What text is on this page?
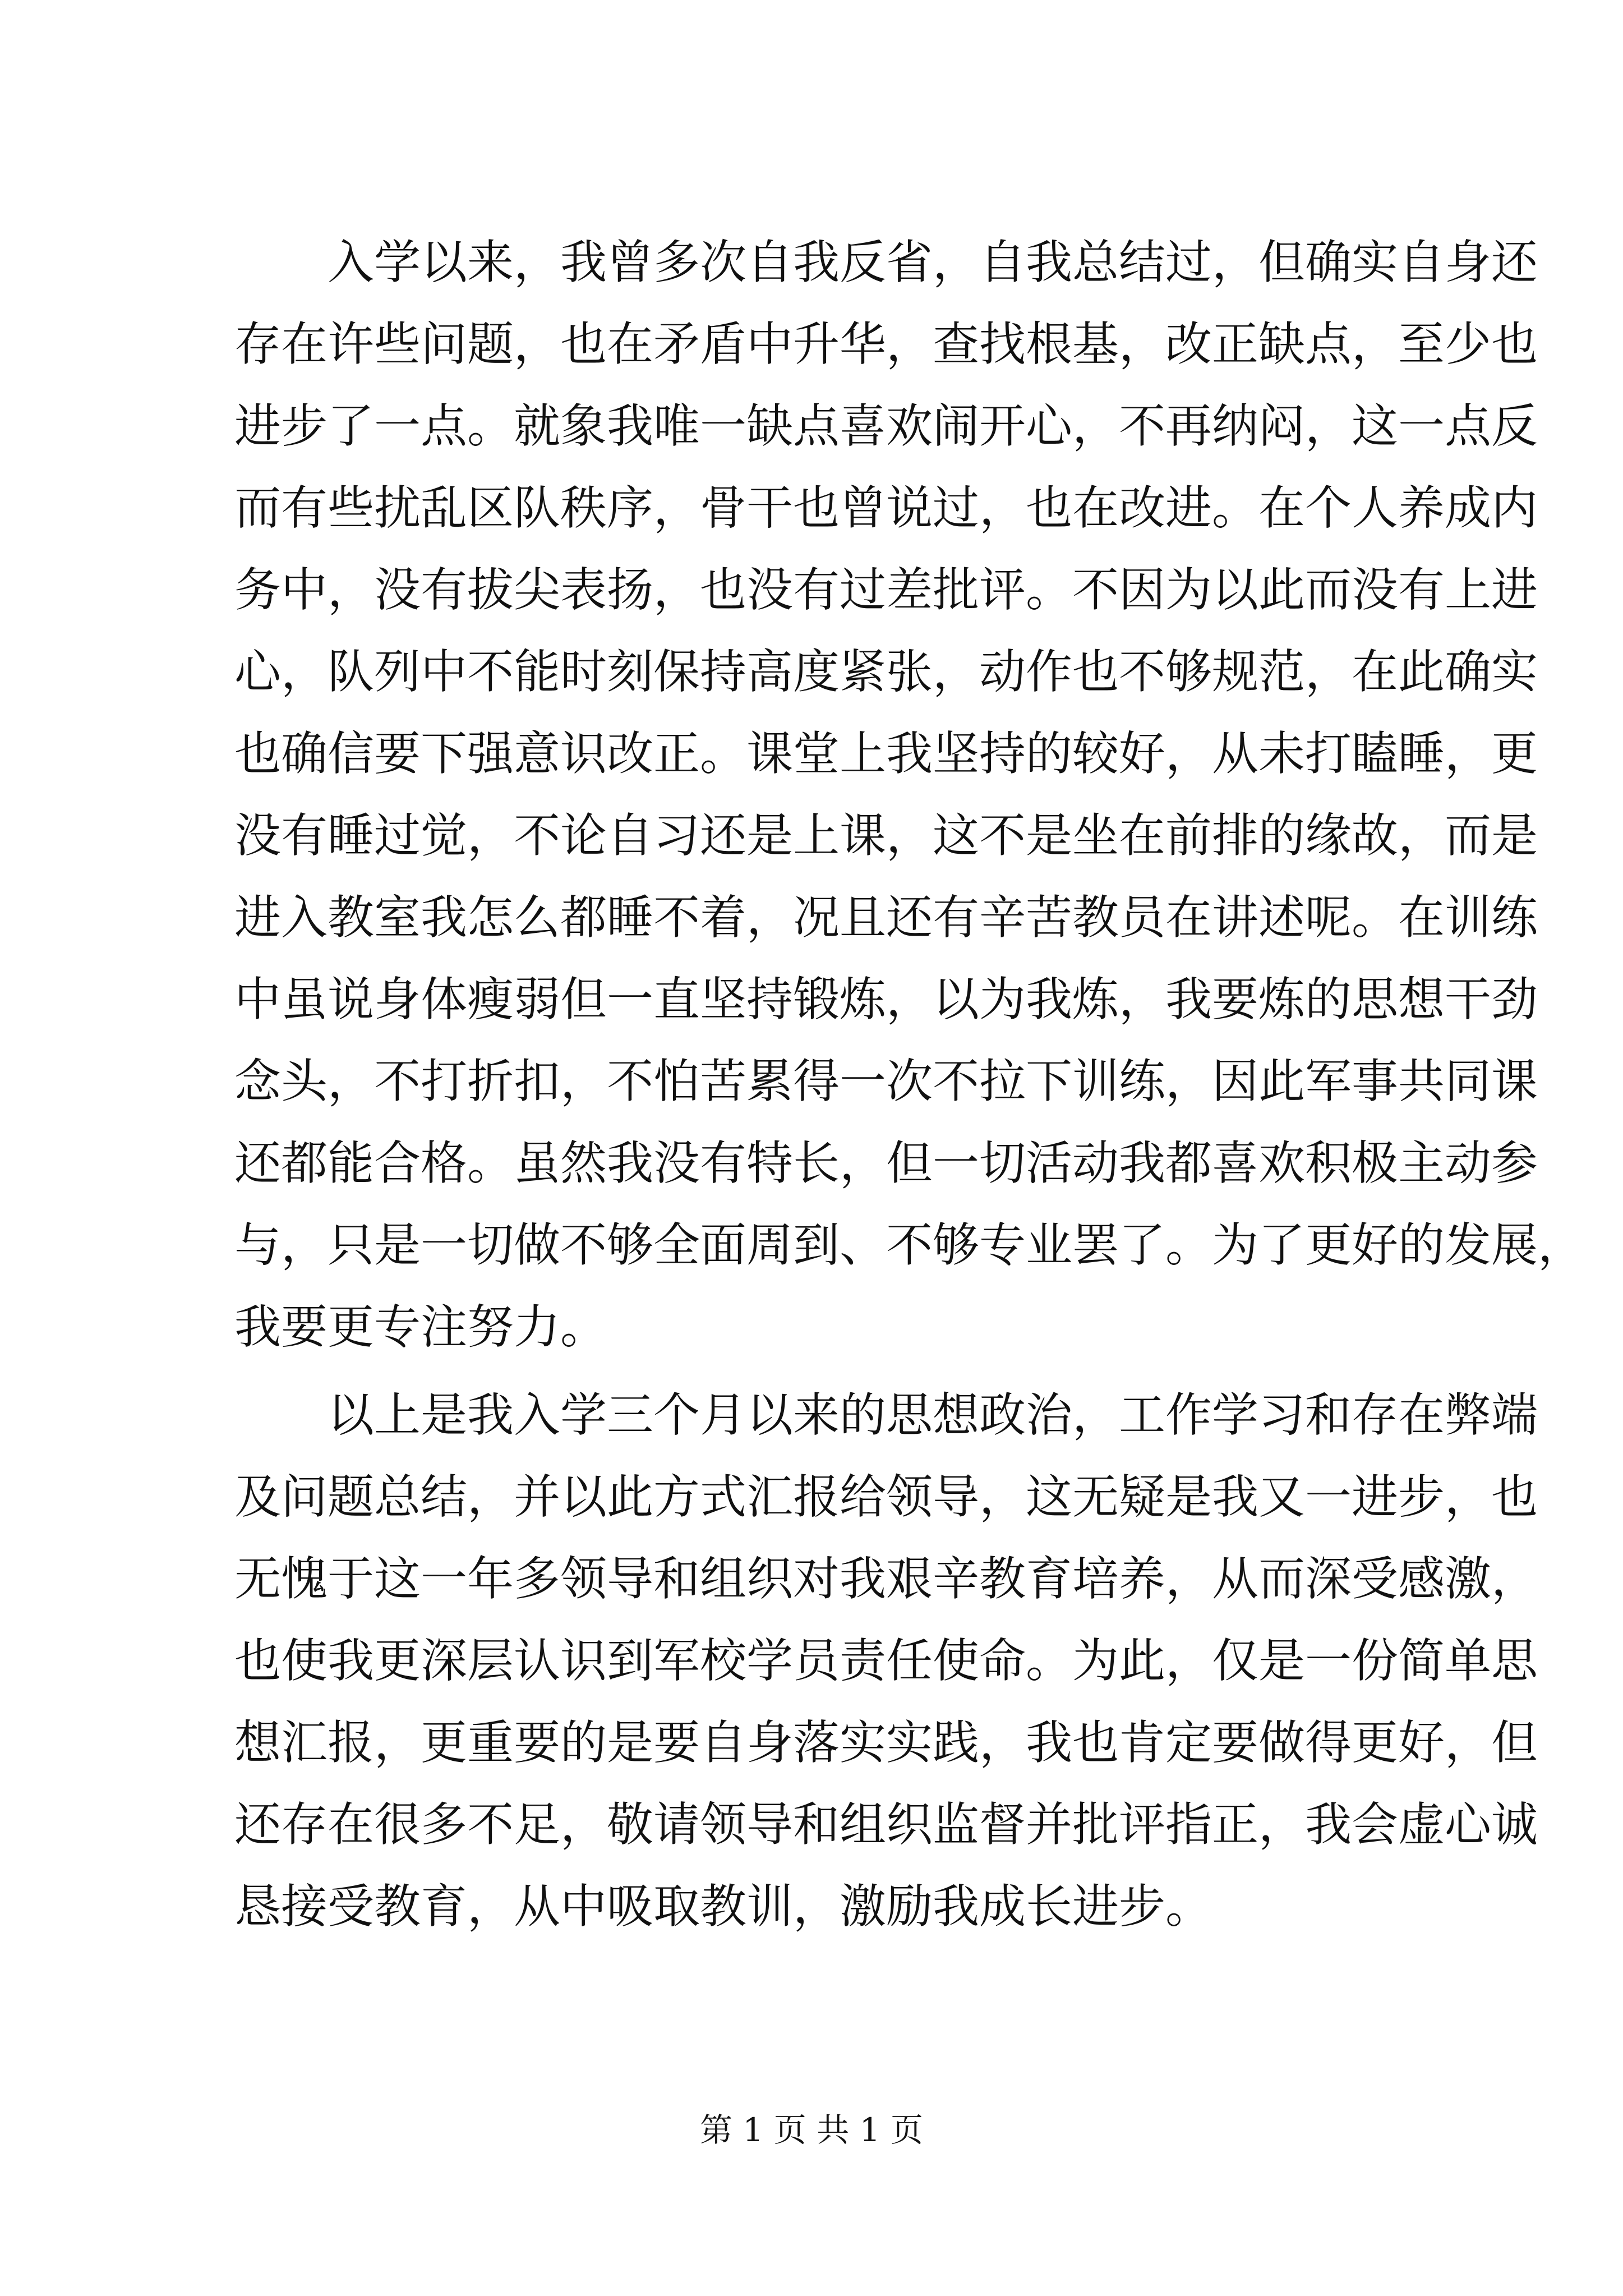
入学以来，我曾多次自我反省，自我总结过，但确实自身还
存在许些问题，也在矛盾中升华，查找根基，改正缺点，至少也
进步了一点。就象我唯一缺点喜欢闹开心，不再纳闷，这一点反
而有些扰乱区队秩序，骨干也曾说过，也在改进。在个人养成内
务中，没有拔尖表扬，也没有过差批评。不因为以此而没有上进
心，队列中不能时刻保持高度紧张，动作也不够规范，在此确实
也确信要下强意识改正。课堂上我坚持的较好，从未打瞌睡，更
没有睡过觉，不论自习还是上课，这不是坐在前排的缘故，而是
进入教室我怎么都睡不着，况且还有辛苦教员在讲述呢。在训练
中虽说身体瘦弱但一直坚持锻炼，以为我炼，我要炼的思想干劲
念头，不打折扣，不怕苦累得一次不拉下训练，因此军事共同课
还都能合格。虽然我没有特长，但一切活动我都喜欢积极主动参
与，只是一切做不够全面周到、不够专业罢了。为了更好的发展，
我要更专注努力。
以上是我入学三个月以来的思想政治，工作学习和存在弊端
及问题总结，并以此方式汇报给领导，这无疑是我又一进步，也
无愧于这一年多领导和组织对我艰辛教育培养，从而深受感激，
也使我更深层认识到军校学员责任使命。为此，仅是一份简单思
想汇报，更重要的是要自身落实实践，我也肯定要做得更好，但
还存在很多不足，敬请领导和组织监督并批评指正，我会虚心诚
恳接受教育，从中吸取教训，激励我成长进步。
第 1 页 共 1 页
